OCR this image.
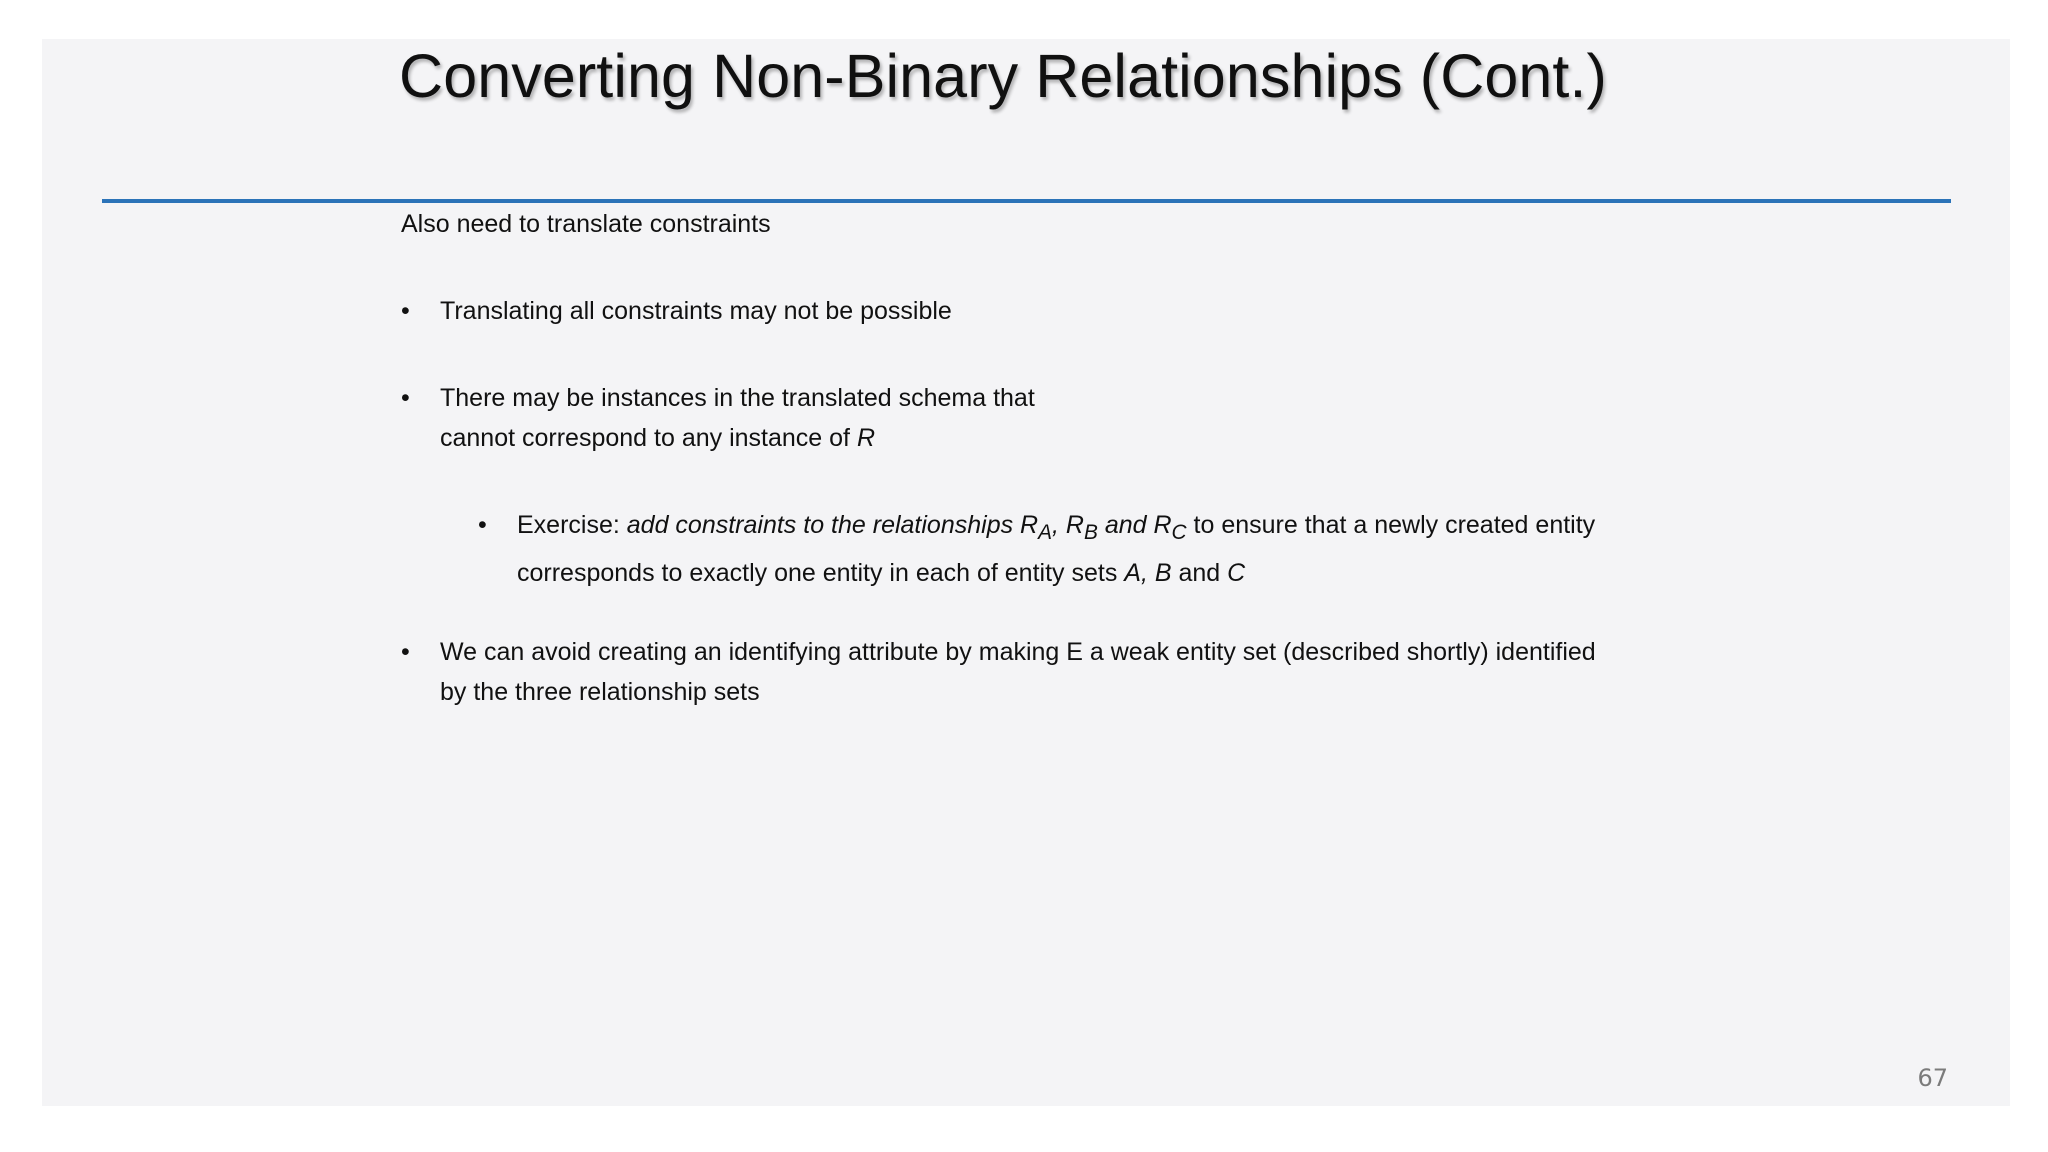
Converting Non-Binary Relationships (Cont.)

Also need to translate constraints

•	Translating all constraints may not be possible
•	There may be instances in the translated schema that
cannot correspond to any instance of R
•	Exercise: add constraints to the relationships $R_A$, $R_B$ and $R_C$ to ensure that a newly created entity
corresponds to exactly one entity in each of entity sets A, B and C
•	We can avoid creating an identifying attribute by making E a weak entity set (described shortly) identified
by the three relationship sets
67
